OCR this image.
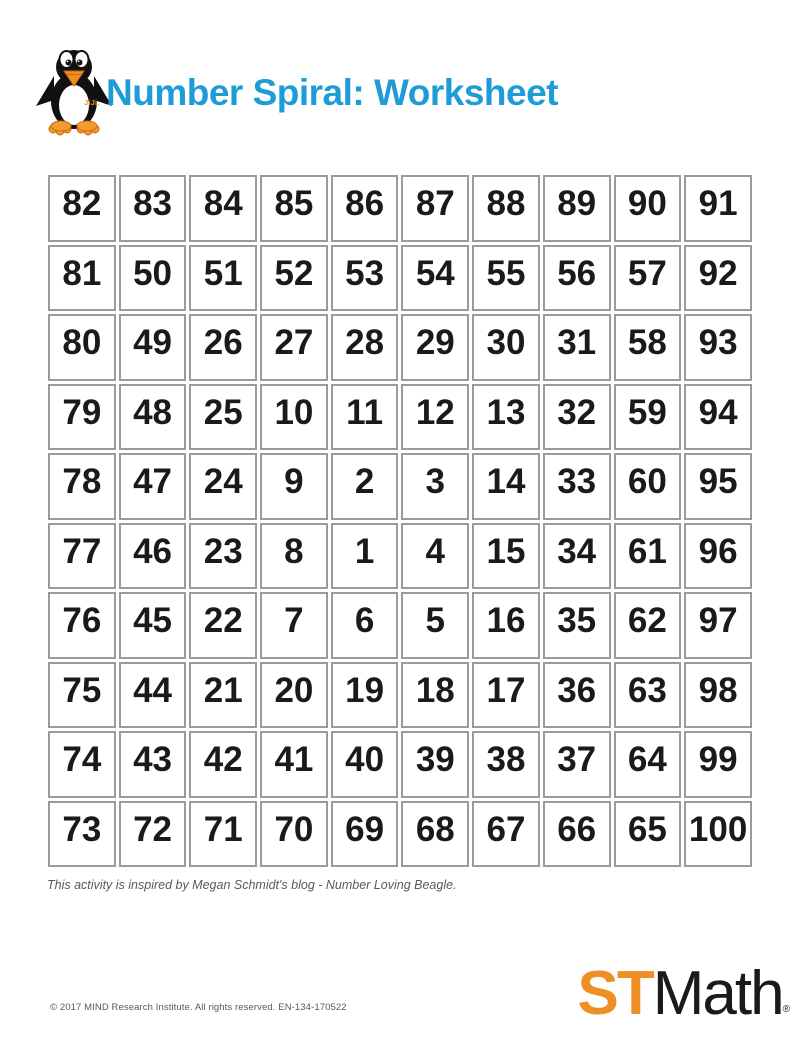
JiJi. Number Spiral: Worksheet
82	83	84	85	86	87	88	89	90	91
81	50	51	52	53	54	55	56	57	92
80	49	26	27	28	29	30	31	58	93
79	48	25	10	11	12	13	32	59	94
78	47	24	9	2	3	14	33	60	95
77	46	23	8	1	4	15	34	61	96
76	45	22	7	6	5	16	35	62	97
75	44	21	20	19	18	17	36	63	98
74	43	42	41	40	39	38	37	64	99
73	72	71	70	69	68	67	66	65	100

This activity is inspired by Megan Schmidt's blog - Number Loving Beagle.

© 2017 MIND Research Institute. All rights reserved. EN-134-170522	STMath®
